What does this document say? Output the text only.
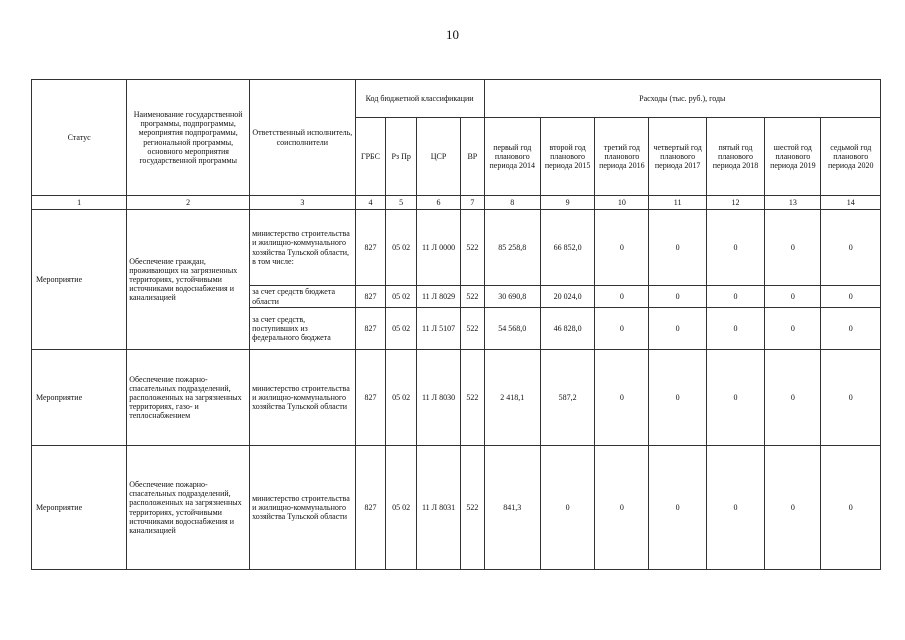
10
Статус	Наименование государственной программы, подпрограммы, мероприятия подпрограммы, региональной программы, основного мероприятия государственной программы	Ответственный исполнитель, соисполнители	Код бюджетной классификации				Расходы (тыс. руб.), годы						
			ГРБС	Рз Пр	ЦСР	ВР	первый год планового периода 2014	второй год планового периода 2015	третий год планового периода 2016	четвертый год планового периода 2017	пятый год планового периода 2018	шестой год планового периода 2019	седьмой год планового периода 2020
1	2	3	4	5	6	7	8	9	10	11	12	13	14
Мероприятие	Обеспечение граждан, проживающих на загрязненных территориях, устойчивыми источниками водоснабжения и канализацией	министерство строительства и жилищно-коммунального хозяйства Тульской области, в том числе:	827	05 02	11 Л 0000	522	85 258,8	66 852,0	0	0	0	0	0
		за счет средств бюджета области	827	05 02	11 Л 8029	522	30 690,8	20 024,0	0	0	0	0	0
		за счет средств, поступивших из федерального бюджета	827	05 02	11 Л 5107	522	54 568,0	46 828,0	0	0	0	0	0
Мероприятие	Обеспечение пожарно-спасательных подразделений, расположенных на загрязненных территориях, газо- и теплоснабжением	министерство строительства и жилищно-коммунального хозяйства Тульской области	827	05 02	11 Л 8030	522	2 418,1	587,2	0	0	0	0	0
Мероприятие	Обеспечение пожарно-спасательных подразделений, расположенных на загрязненных территориях, устойчивыми источниками водоснабжения и канализацией	министерство строительства и жилищно-коммунального хозяйства Тульской области	827	05 02	11 Л 8031	522	841,3	0	0	0	0	0	0
